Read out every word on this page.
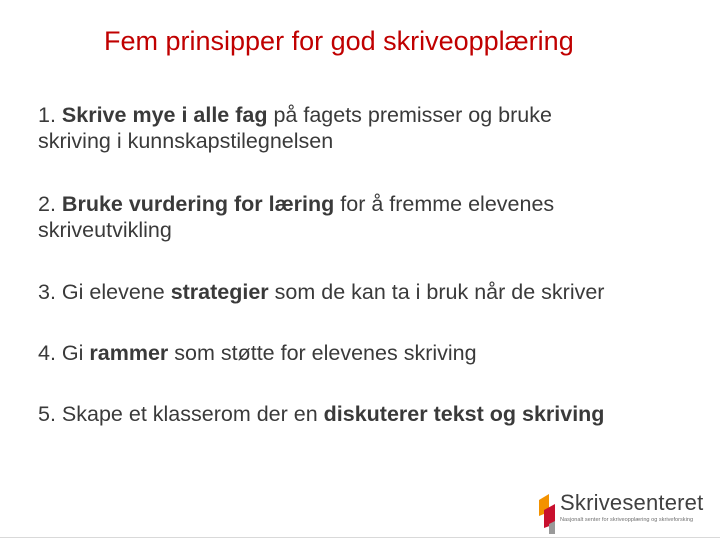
Fem prinsipper for god skriveopplæring
1. Skrive mye i alle fag på fagets premisser og bruke
skriving i kunnskapstilegnelsen
2. Bruke vurdering for læring for å fremme elevenes
skriveutvikling
3. Gi elevene strategier som de kan ta i bruk når de skriver
4. Gi rammer som støtte for elevenes skriving
5. Skape et klasserom der en diskuterer tekst og skriving
Skrivesenteret
Nasjonalt senter for skriveopplæring og skriveforsking
